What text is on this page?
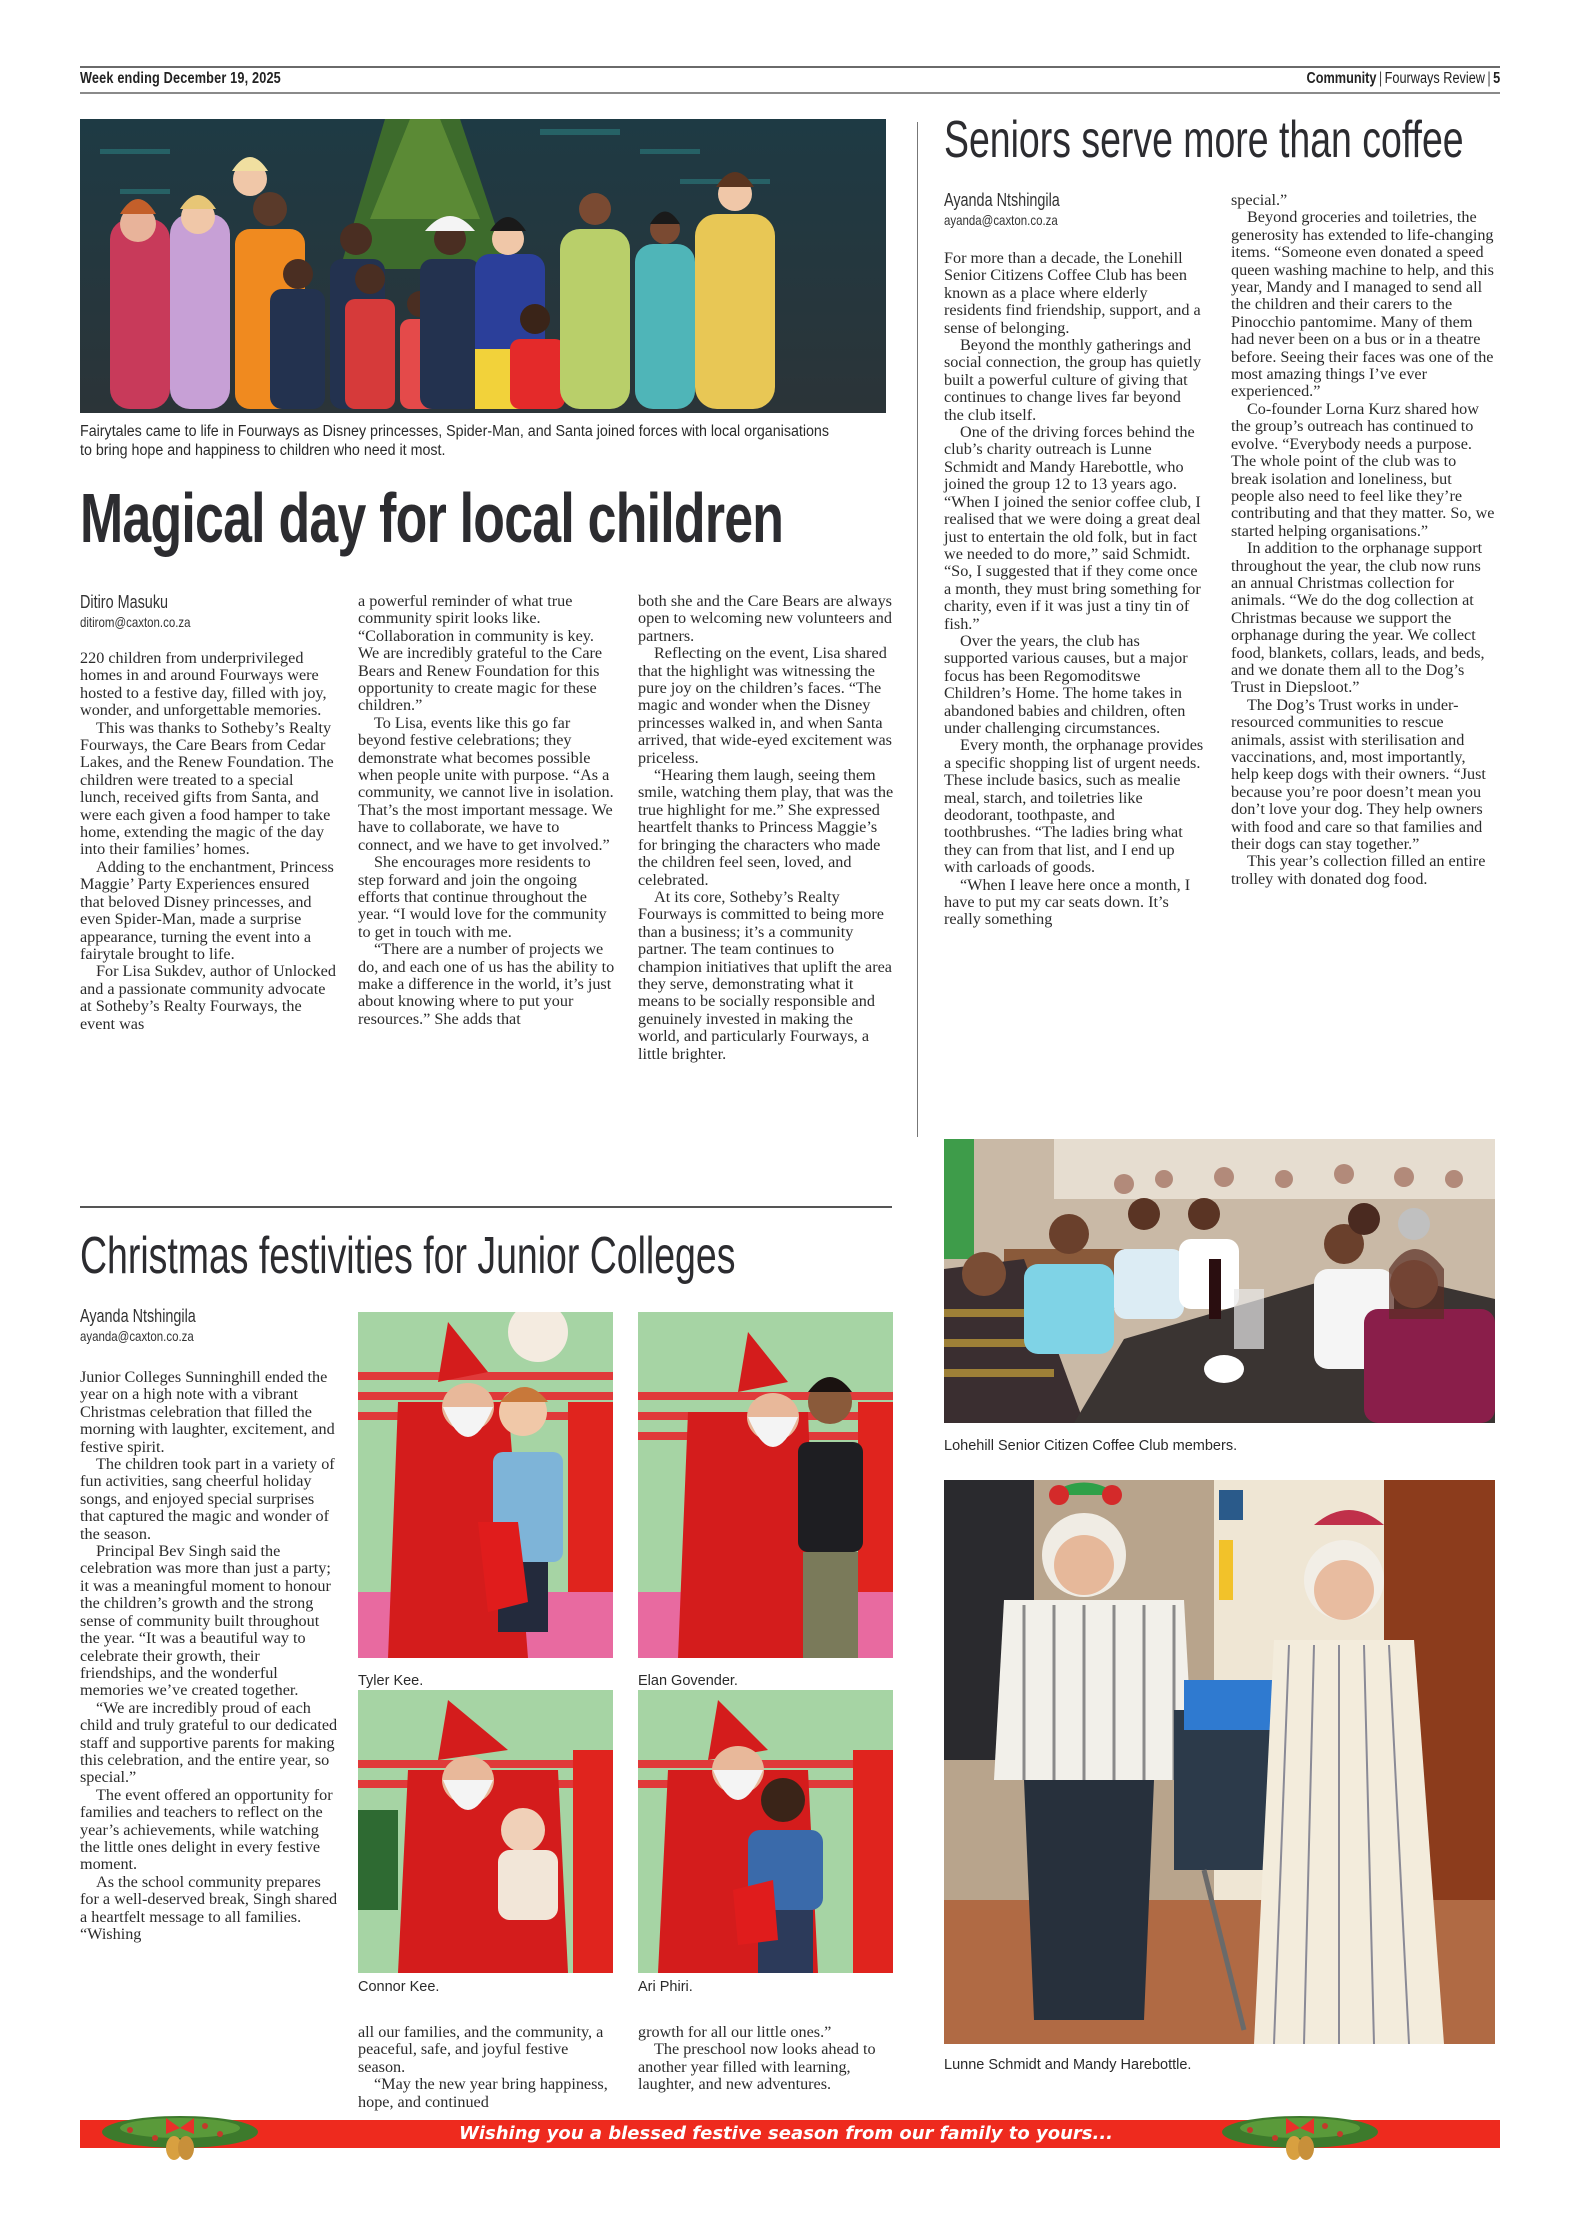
Week ending December 19, 2025	Community | Fourways Review | 5
Fairytales came to life in Fourways as Disney princesses, Spider-Man, and Santa joined forces with local organisations to bring hope and happiness to children who need it most.
Magical day for local children
Ditiro Masuku
ditirom@caxton.co.za

220 children from underprivileged homes in and around Fourways were hosted to a festive day, filled with joy, wonder, and unforgettable memories.

This was thanks to Sotheby’s Realty Fourways, the Care Bears from Cedar Lakes, and the Renew Foundation. The children were treated to a special lunch, received gifts from Santa, and were each given a food hamper to take home, extending the magic of the day into their families’ homes.

Adding to the enchantment, Princess Maggie’ Party Experiences ensured that beloved Disney princesses, and even Spider-Man, made a surprise appearance, turning the event into a fairytale brought to life.

For Lisa Sukdev, author of Unlocked and a passionate community advocate at Sotheby’s Realty Fourways, the event was

a powerful reminder of what true community spirit looks like. “Collaboration in community is key. We are incredibly grateful to the Care Bears and Renew Foundation for this opportunity to create magic for these children.”

To Lisa, events like this go far beyond festive celebrations; they demonstrate what becomes possible when people unite with purpose. “As a community, we cannot live in isolation. That’s the most important message. We have to collaborate, we have to connect, and we have to get involved.”

She encourages more residents to step forward and join the ongoing efforts that continue throughout the year. “I would love for the community to get in touch with me.

“There are a number of projects we do, and each one of us has the ability to make a difference in the world, it’s just about knowing where to put your resources.” She adds that

both she and the Care Bears are always open to welcoming new volunteers and partners.

Reflecting on the event, Lisa shared that the highlight was witnessing the pure joy on the children’s faces. “The magic and wonder when the Disney princesses walked in, and when Santa arrived, that wide-eyed excitement was priceless.

“Hearing them laugh, seeing them smile, watching them play, that was the true highlight for me.” She expressed heartfelt thanks to Princess Maggie’s for bringing the characters who made the children feel seen, loved, and celebrated.

At its core, Sotheby’s Realty Fourways is committed to being more than a business; it’s a community partner. The team continues to champion initiatives that uplift the area they serve, demonstrating what it means to be socially responsible and genuinely invested in making the world, and particularly Fourways, a little brighter.

Seniors serve more than coffee
Ayanda Ntshingila
ayanda@caxton.co.za

For more than a decade, the Lonehill Senior Citizens Coffee Club has been known as a place where elderly residents find friendship, support, and a sense of belonging.

Beyond the monthly gatherings and social connection, the group has quietly built a powerful culture of giving that continues to change lives far beyond the club itself.

One of the driving forces behind the club’s charity outreach is Lunne Schmidt and Mandy Harebottle, who joined the group 12 to 13 years ago. “When I joined the senior coffee club, I realised that we were doing a great deal just to entertain the old folk, but in fact we needed to do more,” said Schmidt. “So, I suggested that if they come once a month, they must bring something for charity, even if it was just a tiny tin of fish.”

Over the years, the club has supported various causes, but a major focus has been Regomoditswe Children’s Home. The home takes in abandoned babies and children, often under challenging circumstances.

Every month, the orphanage provides a specific shopping list of urgent needs. These include basics, such as mealie meal, starch, and toiletries like deodorant, toothpaste, and toothbrushes. “The ladies bring what they can from that list, and I end up with carloads of goods.

“When I leave here once a month, I have to put my car seats down. It’s really something

special.”

Beyond groceries and toiletries, the generosity has extended to life-changing items. “Someone even donated a speed queen washing machine to help, and this year, Mandy and I managed to send all the children and their carers to the Pinocchio pantomime. Many of them had never been on a bus or in a theatre before. Seeing their faces was one of the most amazing things I’ve ever experienced.”

Co-founder Lorna Kurz shared how the group’s outreach has continued to evolve. “Everybody needs a purpose. The whole point of the club was to break isolation and loneliness, but people also need to feel like they’re contributing and that they matter. So, we started helping organisations.”

In addition to the orphanage support throughout the year, the club now runs an annual Christmas collection for animals. “We do the dog collection at Christmas because we support the orphanage during the year. We collect food, blankets, collars, leads, and beds, and we donate them all to the Dog’s Trust in Diepsloot.”

The Dog’s Trust works in under-resourced communities to rescue animals, assist with sterilisation and vaccinations, and, most importantly, help keep dogs with their owners. “Just because you’re poor doesn’t mean you don’t love your dog. They help owners with food and care so that families and their dogs can stay together.”

This year’s collection filled an entire trolley with donated dog food.

Lohehill Senior Citizen Coffee Club members.
Lunne Schmidt and Mandy Harebottle.
Christmas festivities for Junior Colleges
Ayanda Ntshingila
ayanda@caxton.co.za

Junior Colleges Sunninghill ended the year on a high note with a vibrant Christmas celebration that filled the morning with laughter, excitement, and festive spirit.

The children took part in a variety of fun activities, sang cheerful holiday songs, and enjoyed special surprises that captured the magic and wonder of the season.

Principal Bev Singh said the celebration was more than just a party; it was a meaningful moment to honour the children’s growth and the strong sense of community built throughout the year. “It was a beautiful way to celebrate their growth, their friendships, and the wonderful memories we’ve created together.

“We are incredibly proud of each child and truly grateful to our dedicated staff and supportive parents for making this celebration, and the entire year, so special.”

The event offered an opportunity for families and teachers to reflect on the year’s achievements, while watching the little ones delight in every festive moment.

As the school community prepares for a well-deserved break, Singh shared a heartfelt message to all families. “Wishing

Tyler Kee.	Elan Govender.
Connor Kee.	Ari Phiri.

all our families, and the community, a peaceful, safe, and joyful festive season.

“May the new year bring happiness, hope, and continued

growth for all our little ones.”

The preschool now looks ahead to another year filled with learning, laughter, and new adventures.

Wishing you a blessed festive season from our family to yours...
